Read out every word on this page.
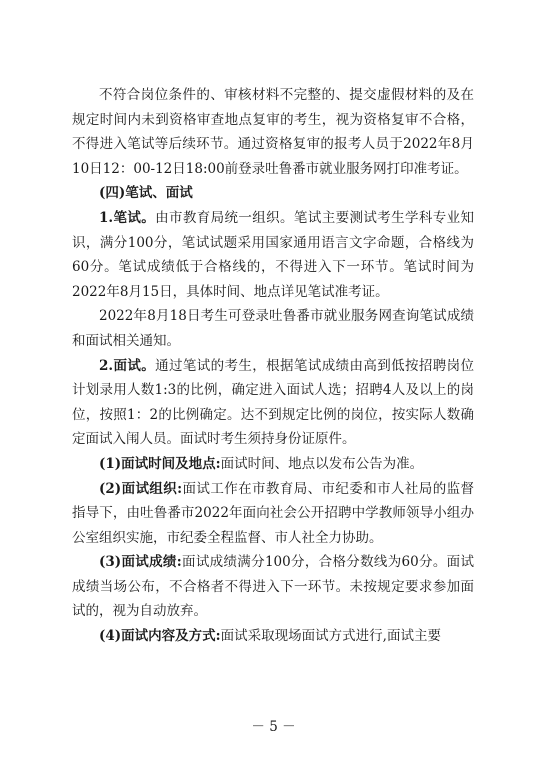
不符合岗位条件的、审核材料不完整的、提交虚假材料的及在规定时间内未到资格审查地点复审的考生，视为资格复审不合格，不得进入笔试等后续环节。通过资格复审的报考人员于2022年8月10日12：00-12日18:00前登录吐鲁番市就业服务网打印准考证。

(四)笔试、面试

1.笔试。由市教育局统一组织。笔试主要测试考生学科专业知识，满分100分，笔试试题采用国家通用语言文字命题，合格线为60分。笔试成绩低于合格线的，不得进入下一环节。笔试时间为2022年8月15日，具体时间、地点详见笔试准考证。

2022年8月18日考生可登录吐鲁番市就业服务网查询笔试成绩和面试相关通知。

2.面试。通过笔试的考生，根据笔试成绩由高到低按招聘岗位计划录用人数1:3的比例，确定进入面试人选；招聘4人及以上的岗位，按照1：2的比例确定。达不到规定比例的岗位，按实际人数确定面试入闱人员。面试时考生须持身份证原件。

(1)面试时间及地点:面试时间、地点以发布公告为准。

(2)面试组织:面试工作在市教育局、市纪委和市人社局的监督指导下，由吐鲁番市2022年面向社会公开招聘中学教师领导小组办公室组织实施，市纪委全程监督、市人社全力协助。

(3)面试成绩:面试成绩满分100分，合格分数线为60分。面试成绩当场公布，不合格者不得进入下一环节。未按规定要求参加面试的，视为自动放弃。

(4)面试内容及方式:面试采取现场面试方式进行,面试主要

－ 5 －
